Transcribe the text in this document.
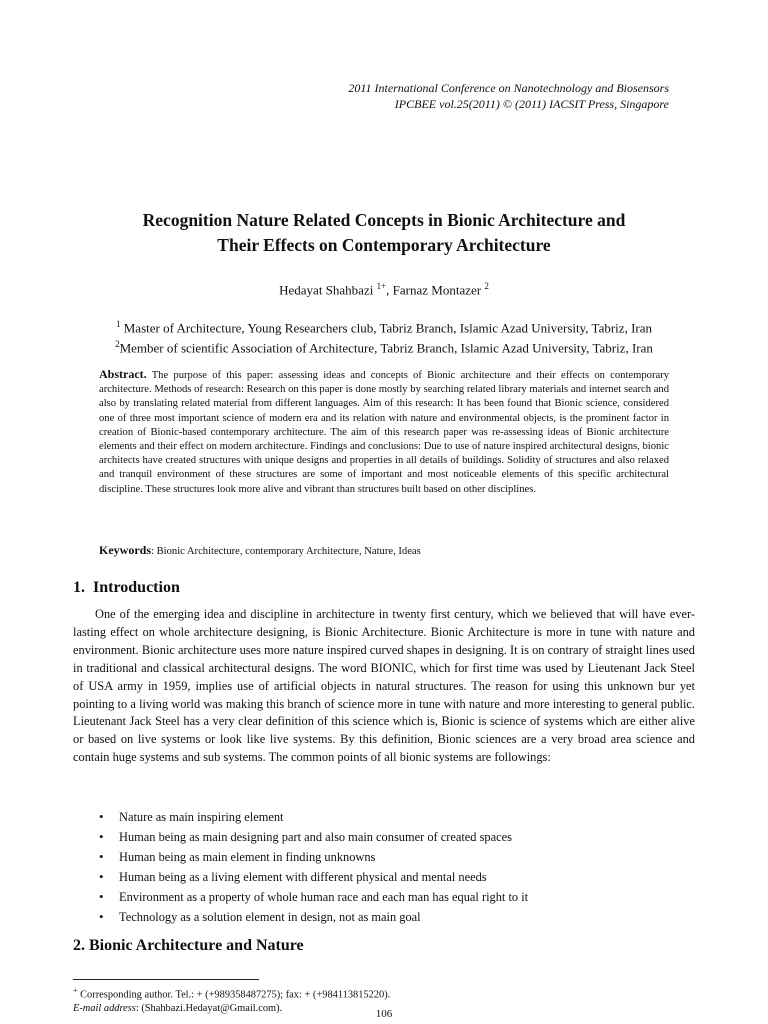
2011 International Conference on Nanotechnology and Biosensors
IPCBEE vol.25(2011) © (2011) IACSIT Press, Singapore
Recognition Nature Related Concepts in Bionic Architecture and
Their Effects on Contemporary Architecture
Hedayat Shahbazi $^{1+}$, Farnaz Montazer $^2$
$^1$ Master of Architecture, Young Researchers club, Tabriz Branch, Islamic Azad University, Tabriz, Iran
$^2$Member of scientific Association of Architecture, Tabriz Branch, Islamic Azad University, Tabriz, Iran
Abstract. The purpose of this paper: assessing ideas and concepts of Bionic architecture and their effects on contemporary architecture. Methods of research: Research on this paper is done mostly by searching related library materials and internet search and also by translating related material from different languages. Aim of this research: It has been found that Bionic science, considered one of three most important science of modern era and its relation with nature and environmental objects, is the prominent factor in creation of Bionic-based contemporary architecture. The aim of this research paper was re-assessing ideas of Bionic architecture elements and their effect on modern architecture. Findings and conclusions: Due to use of nature inspired architectural designs, bionic architects have created structures with unique designs and properties in all details of buildings. Solidity of structures and also relaxed and tranquil environment of these structures are some of important and most noticeable elements of this specific architectural discipline. These structures look more alive and vibrant than structures built based on other disciplines.
Keywords: Bionic Architecture, contemporary Architecture, Nature, Ideas
1. Introduction
One of the emerging idea and discipline in architecture in twenty first century, which we believed that will have ever-lasting effect on whole architecture designing, is Bionic Architecture. Bionic Architecture is more in tune with nature and environment. Bionic architecture uses more nature inspired curved shapes in designing. It is on contrary of straight lines used in traditional and classical architectural designs. The word BIONIC, which for first time was used by Lieutenant Jack Steel of USA army in 1959, implies use of artificial objects in natural structures. The reason for using this unknown bur yet pointing to a living world was making this branch of science more in tune with nature and more interesting to general public. Lieutenant Jack Steel has a very clear definition of this science which is, Bionic is science of systems which are either alive or based on live systems or look like live systems. By this definition, Bionic sciences are a very broad area science and contain huge systems and sub systems. The common points of all bionic systems are followings:
• Nature as main inspiring element
• Human being as main designing part and also main consumer of created spaces
• Human being as main element in finding unknowns
• Human being as a living element with different physical and mental needs
• Environment as a property of whole human race and each man has equal right to it
• Technology as a solution element in design, not as main goal
2. Bionic Architecture and Nature
+ Corresponding author. Tel.: + (+989358487275); fax: + (+984113815220).
E-mail address: (Shahbazi.Hedayat@Gmail.com).	106
